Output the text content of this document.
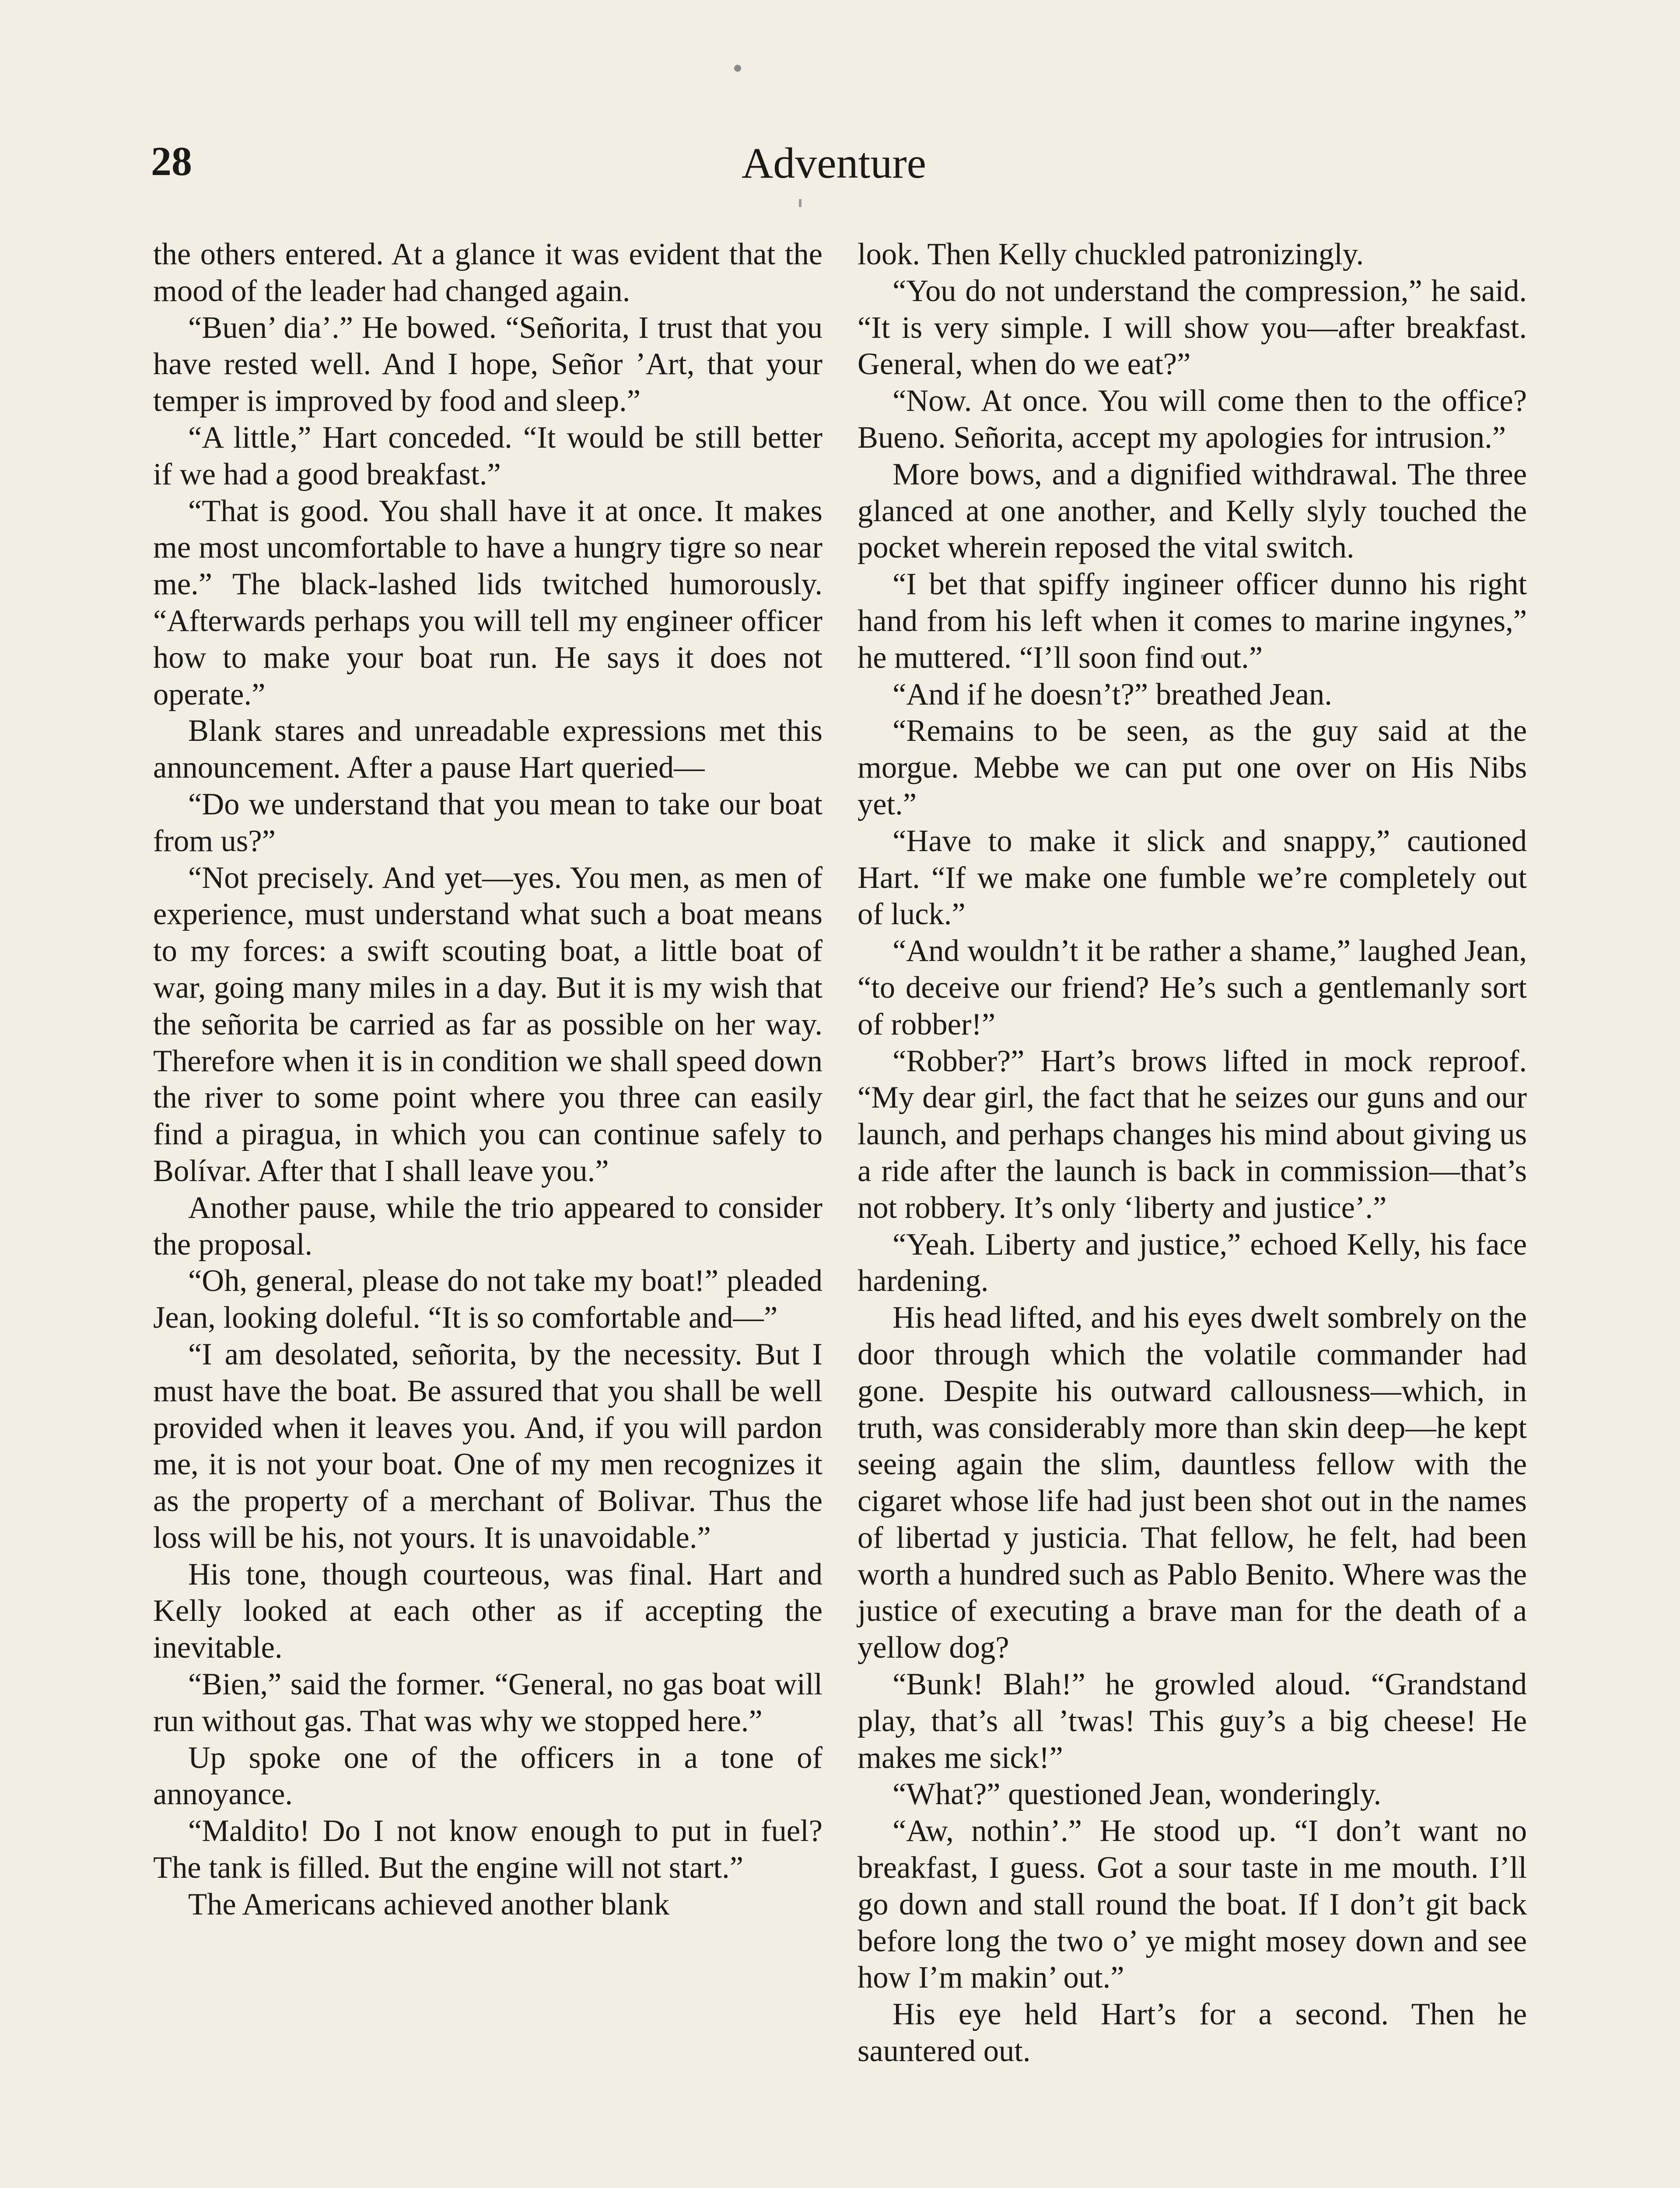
28	Adventure

the others entered. At a glance it was evident that the mood of the leader had changed again.

“Buen’ dia’.” He bowed. “Señorita, I trust that you have rested well. And I hope, Señor ’Art, that your temper is improved by food and sleep.”

“A little,” Hart conceded. “It would be still better if we had a good breakfast.”

“That is good. You shall have it at once. It makes me most uncomfortable to have a hungry tigre so near me.” The black-lashed lids twitched humorously. “Afterwards perhaps you will tell my engineer officer how to make your boat run. He says it does not operate.”

Blank stares and unreadable expressions met this announcement. After a pause Hart queried—

“Do we understand that you mean to take our boat from us?”

“Not precisely. And yet—yes. You men, as men of experience, must understand what such a boat means to my forces: a swift scouting boat, a little boat of war, going many miles in a day. But it is my wish that the señorita be carried as far as possible on her way. Therefore when it is in condition we shall speed down the river to some point where you three can easily find a piragua, in which you can continue safely to Bolívar. After that I shall leave you.”

Another pause, while the trio appeared to consider the proposal.

“Oh, general, please do not take my boat!” pleaded Jean, looking doleful. “It is so comfortable and—”

“I am desolated, señorita, by the necessity. But I must have the boat. Be assured that you shall be well provided when it leaves you. And, if you will pardon me, it is not your boat. One of my men recognizes it as the property of a merchant of Bolivar. Thus the loss will be his, not yours. It is unavoidable.”

His tone, though courteous, was final. Hart and Kelly looked at each other as if accepting the inevitable.

“Bien,” said the former. “General, no gas boat will run without gas. That was why we stopped here.”

Up spoke one of the officers in a tone of annoyance.

“Maldito! Do I not know enough to put in fuel? The tank is filled. But the engine will not start.”

The Americans achieved another blank

look. Then Kelly chuckled patronizingly.

“You do not understand the compression,” he said. “It is very simple. I will show you—after breakfast. General, when do we eat?”

“Now. At once. You will come then to the office? Bueno. Señorita, accept my apologies for intrusion.”

More bows, and a dignified withdrawal. The three glanced at one another, and Kelly slyly touched the pocket wherein reposed the vital switch.

“I bet that spiffy ingineer officer dunno his right hand from his left when it comes to marine ingynes,” he muttered. “I’ll soon find out.”

“And if he doesn’t?” breathed Jean.

“Remains to be seen, as the guy said at the morgue. Mebbe we can put one over on His Nibs yet.”

“Have to make it slick and snappy,” cautioned Hart. “If we make one fumble we’re completely out of luck.”

“And wouldn’t it be rather a shame,” laughed Jean, “to deceive our friend? He’s such a gentlemanly sort of robber!”

“Robber?” Hart’s brows lifted in mock reproof. “My dear girl, the fact that he seizes our guns and our launch, and perhaps changes his mind about giving us a ride after the launch is back in commission—that’s not robbery. It’s only ‘liberty and justice’.”

“Yeah. Liberty and justice,” echoed Kelly, his face hardening.

His head lifted, and his eyes dwelt sombrely on the door through which the volatile commander had gone. Despite his outward callousness—which, in truth, was considerably more than skin deep—he kept seeing again the slim, dauntless fellow with the cigaret whose life had just been shot out in the names of libertad y justicia. That fellow, he felt, had been worth a hundred such as Pablo Benito. Where was the justice of executing a brave man for the death of a yellow dog?

“Bunk! Blah!” he growled aloud. “Grandstand play, that’s all ’twas! This guy’s a big cheese! He makes me sick!”

“What?” questioned Jean, wonderingly.

“Aw, nothin’.” He stood up. “I don’t want no breakfast, I guess. Got a sour taste in me mouth. I’ll go down and stall round the boat. If I don’t git back before long the two o’ ye might mosey down and see how I’m makin’ out.”

His eye held Hart’s for a second. Then he sauntered out.
